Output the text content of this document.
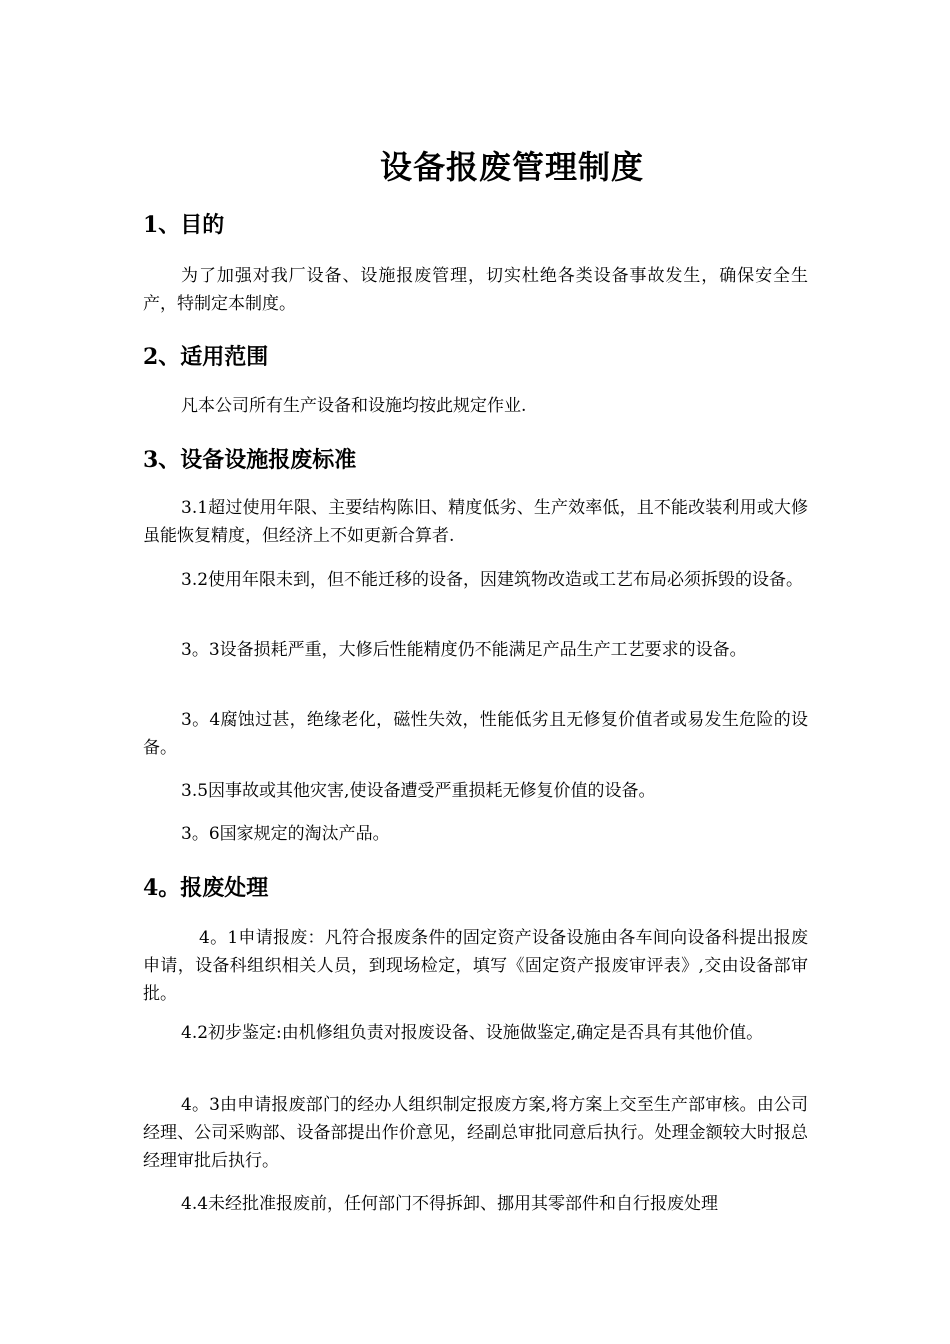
设备报废管理制度
1、目的

为了加强对我厂设备、设施报废管理，切实杜绝各类设备事故发生，确保安全生产，特制定本制度。

2、适用范围

凡本公司所有生产设备和设施均按此规定作业.

3、设备设施报废标准

3.1超过使用年限、主要结构陈旧、精度低劣、生产效率低，且不能改装利用或大修虽能恢复精度，但经济上不如更新合算者.

3.2使用年限未到，但不能迁移的设备，因建筑物改造或工艺布局必须拆毁的设备。

3。3设备损耗严重，大修后性能精度仍不能满足产品生产工艺要求的设备。

3。4腐蚀过甚，绝缘老化，磁性失效，性能低劣且无修复价值者或易发生危险的设备。

3.5因事故或其他灾害,使设备遭受严重损耗无修复价值的设备。

3。6国家规定的淘汰产品。

4。报废处理

4。1申请报废：凡符合报废条件的固定资产设备设施由各车间向设备科提出报废申请，设备科组织相关人员，到现场检定，填写《固定资产报废审评表》,交由设备部审批。

4.2初步鉴定:由机修组负责对报废设备、设施做鉴定,确定是否具有其他价值。

4。3由申请报废部门的经办人组织制定报废方案,将方案上交至生产部审核。由公司经理、公司采购部、设备部提出作价意见，经副总审批同意后执行。处理金额较大时报总经理审批后执行。

4.4未经批准报废前，任何部门不得拆卸、挪用其零部件和自行报废处理
